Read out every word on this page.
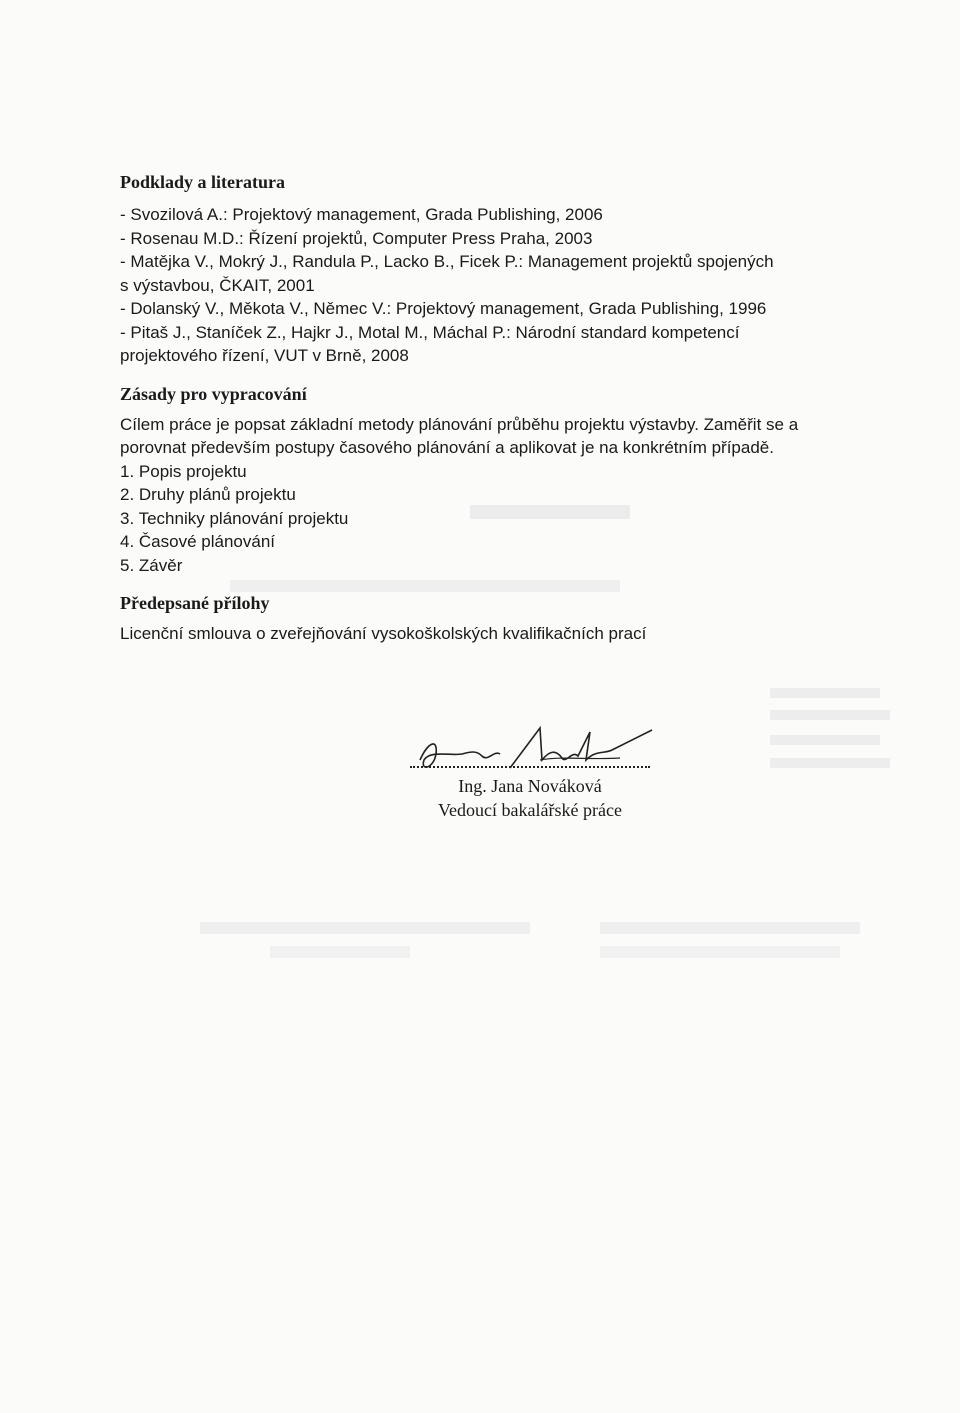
Podklady a literatura

- Svozilová A.: Projektový management, Grada Publishing, 2006

- Rosenau M.D.: Řízení projektů, Computer Press Praha, 2003

- Matějka V., Mokrý J., Randula P., Lacko B., Ficek P.: Management projektů spojených

s výstavbou, ČKAIT, 2001

- Dolanský V., Měkota V., Němec V.: Projektový management, Grada Publishing, 1996

- Pitaš J., Staníček Z., Hajkr J., Motal M., Máchal P.: Národní standard kompetencí

projektového řízení, VUT v Brně, 2008

Zásady pro vypracování

Cílem práce je popsat základní metody plánování průběhu projektu výstavby. Zaměřit se a

porovnat především postupy časového plánování a aplikovat je na konkrétním případě.

1. Popis projektu

2. Druhy plánů projektu

3. Techniky plánování projektu

4. Časové plánování

5. Závěr

Předepsané přílohy

Licenční smlouva o zveřejňování vysokoškolských kvalifikačních prací

Ing. Jana Nováková
Vedoucí bakalářské práce
